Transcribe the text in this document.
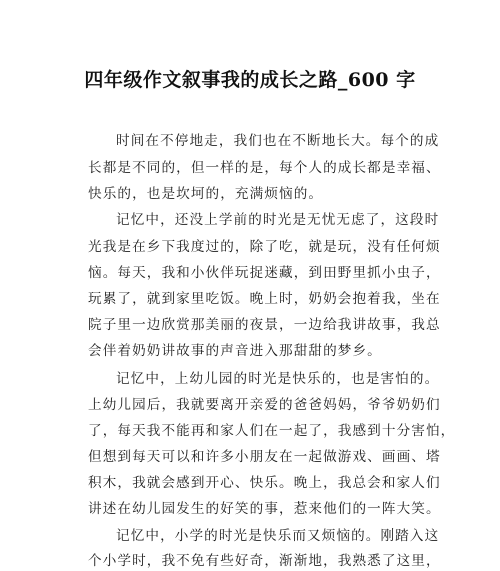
四年级作文叙事我的成长之路_600 字
时间在不停地走，我们也在不断地长大。每个的成
长都是不同的，但一样的是，每个人的成长都是幸福、
快乐的，也是坎坷的，充满烦恼的。
记忆中，还没上学前的时光是无忧无虑了，这段时
光我是在乡下我度过的，除了吃，就是玩，没有任何烦
恼。每天，我和小伙伴玩捉迷藏，到田野里抓小虫子，
玩累了，就到家里吃饭。晚上时，奶奶会抱着我，坐在
院子里一边欣赏那美丽的夜景，一边给我讲故事，我总
会伴着奶奶讲故事的声音进入那甜甜的梦乡。
记忆中，上幼儿园的时光是快乐的，也是害怕的。
上幼儿园后，我就要离开亲爱的爸爸妈妈，爷爷奶奶们
了，每天我不能再和家人们在一起了，我感到十分害怕，
但想到每天可以和许多小朋友在一起做游戏、画画、塔
积木，我就会感到开心、快乐。晚上，我总会和家人们
讲述在幼儿园发生的好笑的事，惹来他们的一阵大笑。
记忆中，小学的时光是快乐而又烦恼的。刚踏入这
个小学时，我不免有些好奇，渐渐地，我熟悉了这里，
